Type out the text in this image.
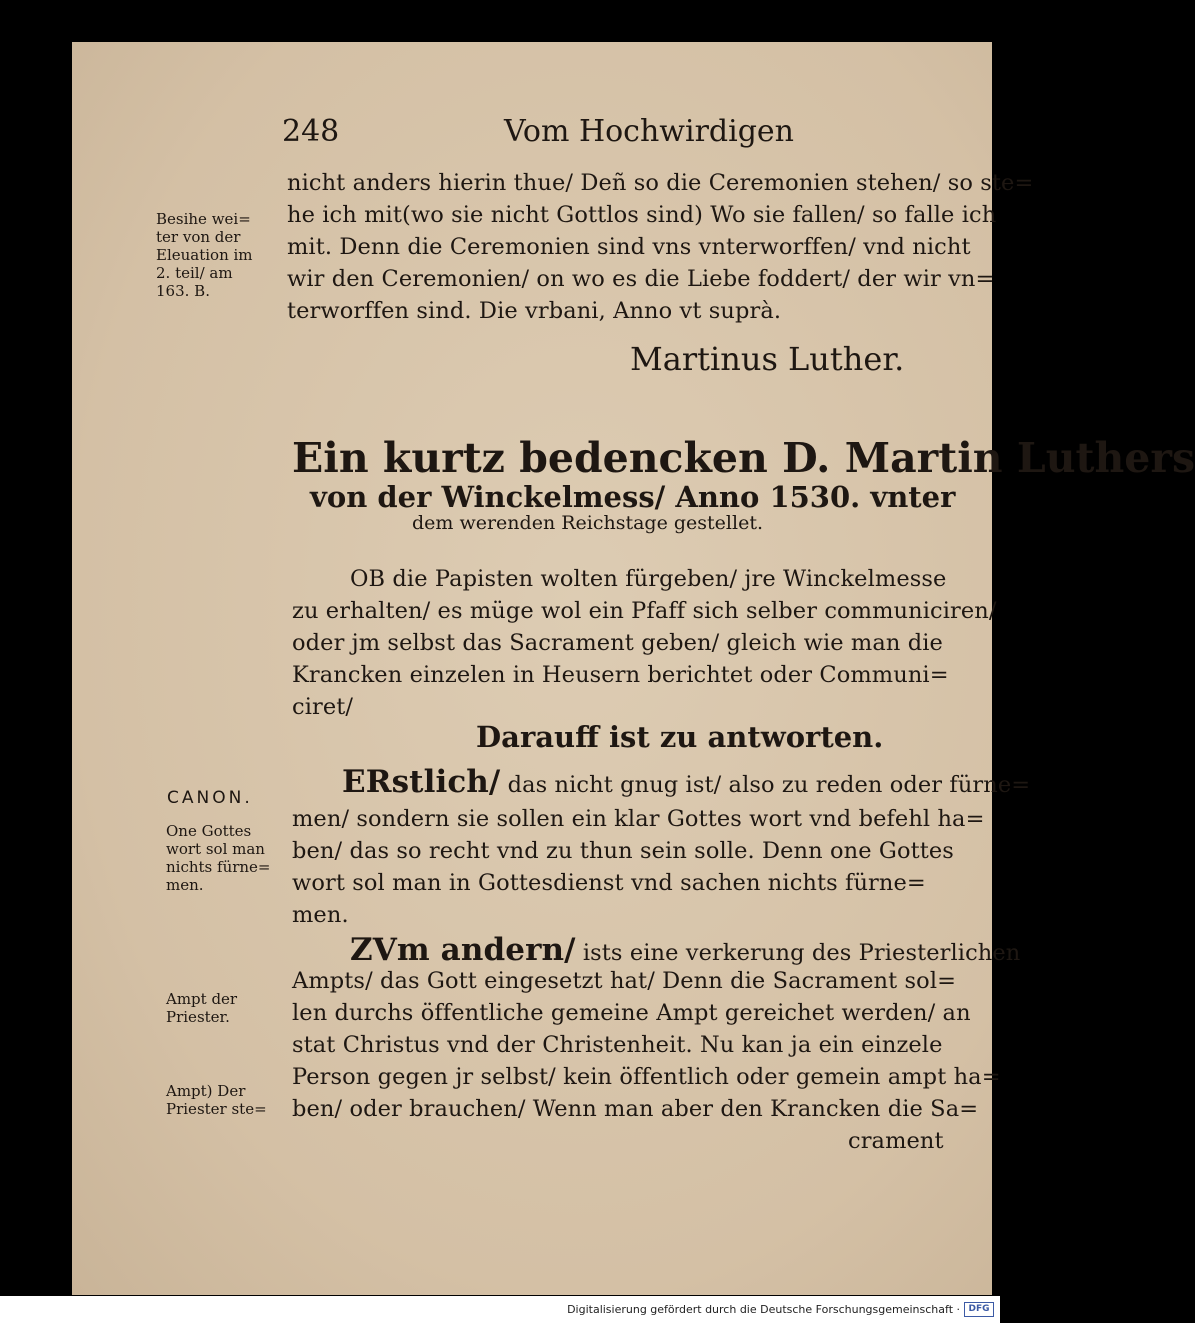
248	Vom Hochwirdigen
nicht anders hierin thue/ Deñ so die Ceremonien stehen/ so ste=
he ich mit(wo sie nicht Gottlos sind) Wo sie fallen/ so falle ich
mit. Denn die Ceremonien sind vns vnterworffen/ vnd nicht
wir den Ceremonien/ on wo es die Liebe foddert/ der wir vn=
terworffen sind. Die vrbani, Anno vt suprà.
Besihe wei=
ter von der
Eleuation im
2. teil/ am
163. B.
Martinus Luther.
Ein kurtz bedencken D. Martin Luthers
von der Winckelmess/ Anno 1530. vnter
dem werenden Reichstage gestellet.
OB die Papisten wolten fürgeben/ jre Winckelmesse
zu erhalten/ es müge wol ein Pfaff sich selber communiciren/
oder jm selbst das Sacrament geben/ gleich wie man die
Krancken einzelen in Heusern berichtet oder Communi=
ciret/
Darauff ist zu antworten.
CANON.	ERstlich/ das nicht gnug ist/ also zu reden oder fürne=
men/ sondern sie sollen ein klar Gottes wort vnd befehl ha=
ben/ das so recht vnd zu thun sein solle. Denn one Gottes
wort sol man in Gottesdienst vnd sachen nichts fürne=
men.
One Gottes
wort sol man
nichts fürne=
men.
ZVm andern/ ists eine verkerung des Priesterlichen
Ampts/ das Gott eingesetzt hat/ Denn die Sacrament sol=
len durchs öffentliche gemeine Ampt gereichet werden/ an
stat Christus vnd der Christenheit. Nu kan ja ein einzele
Person gegen jr selbst/ kein öffentlich oder gemein ampt ha=
ben/ oder brauchen/ Wenn man aber den Krancken die Sa=
crament
Ampt der
Priester.
Ampt) Der
Priester ste=
Digitalisierung gefördert durch die Deutsche Forschungsgemeinschaft · DFG
